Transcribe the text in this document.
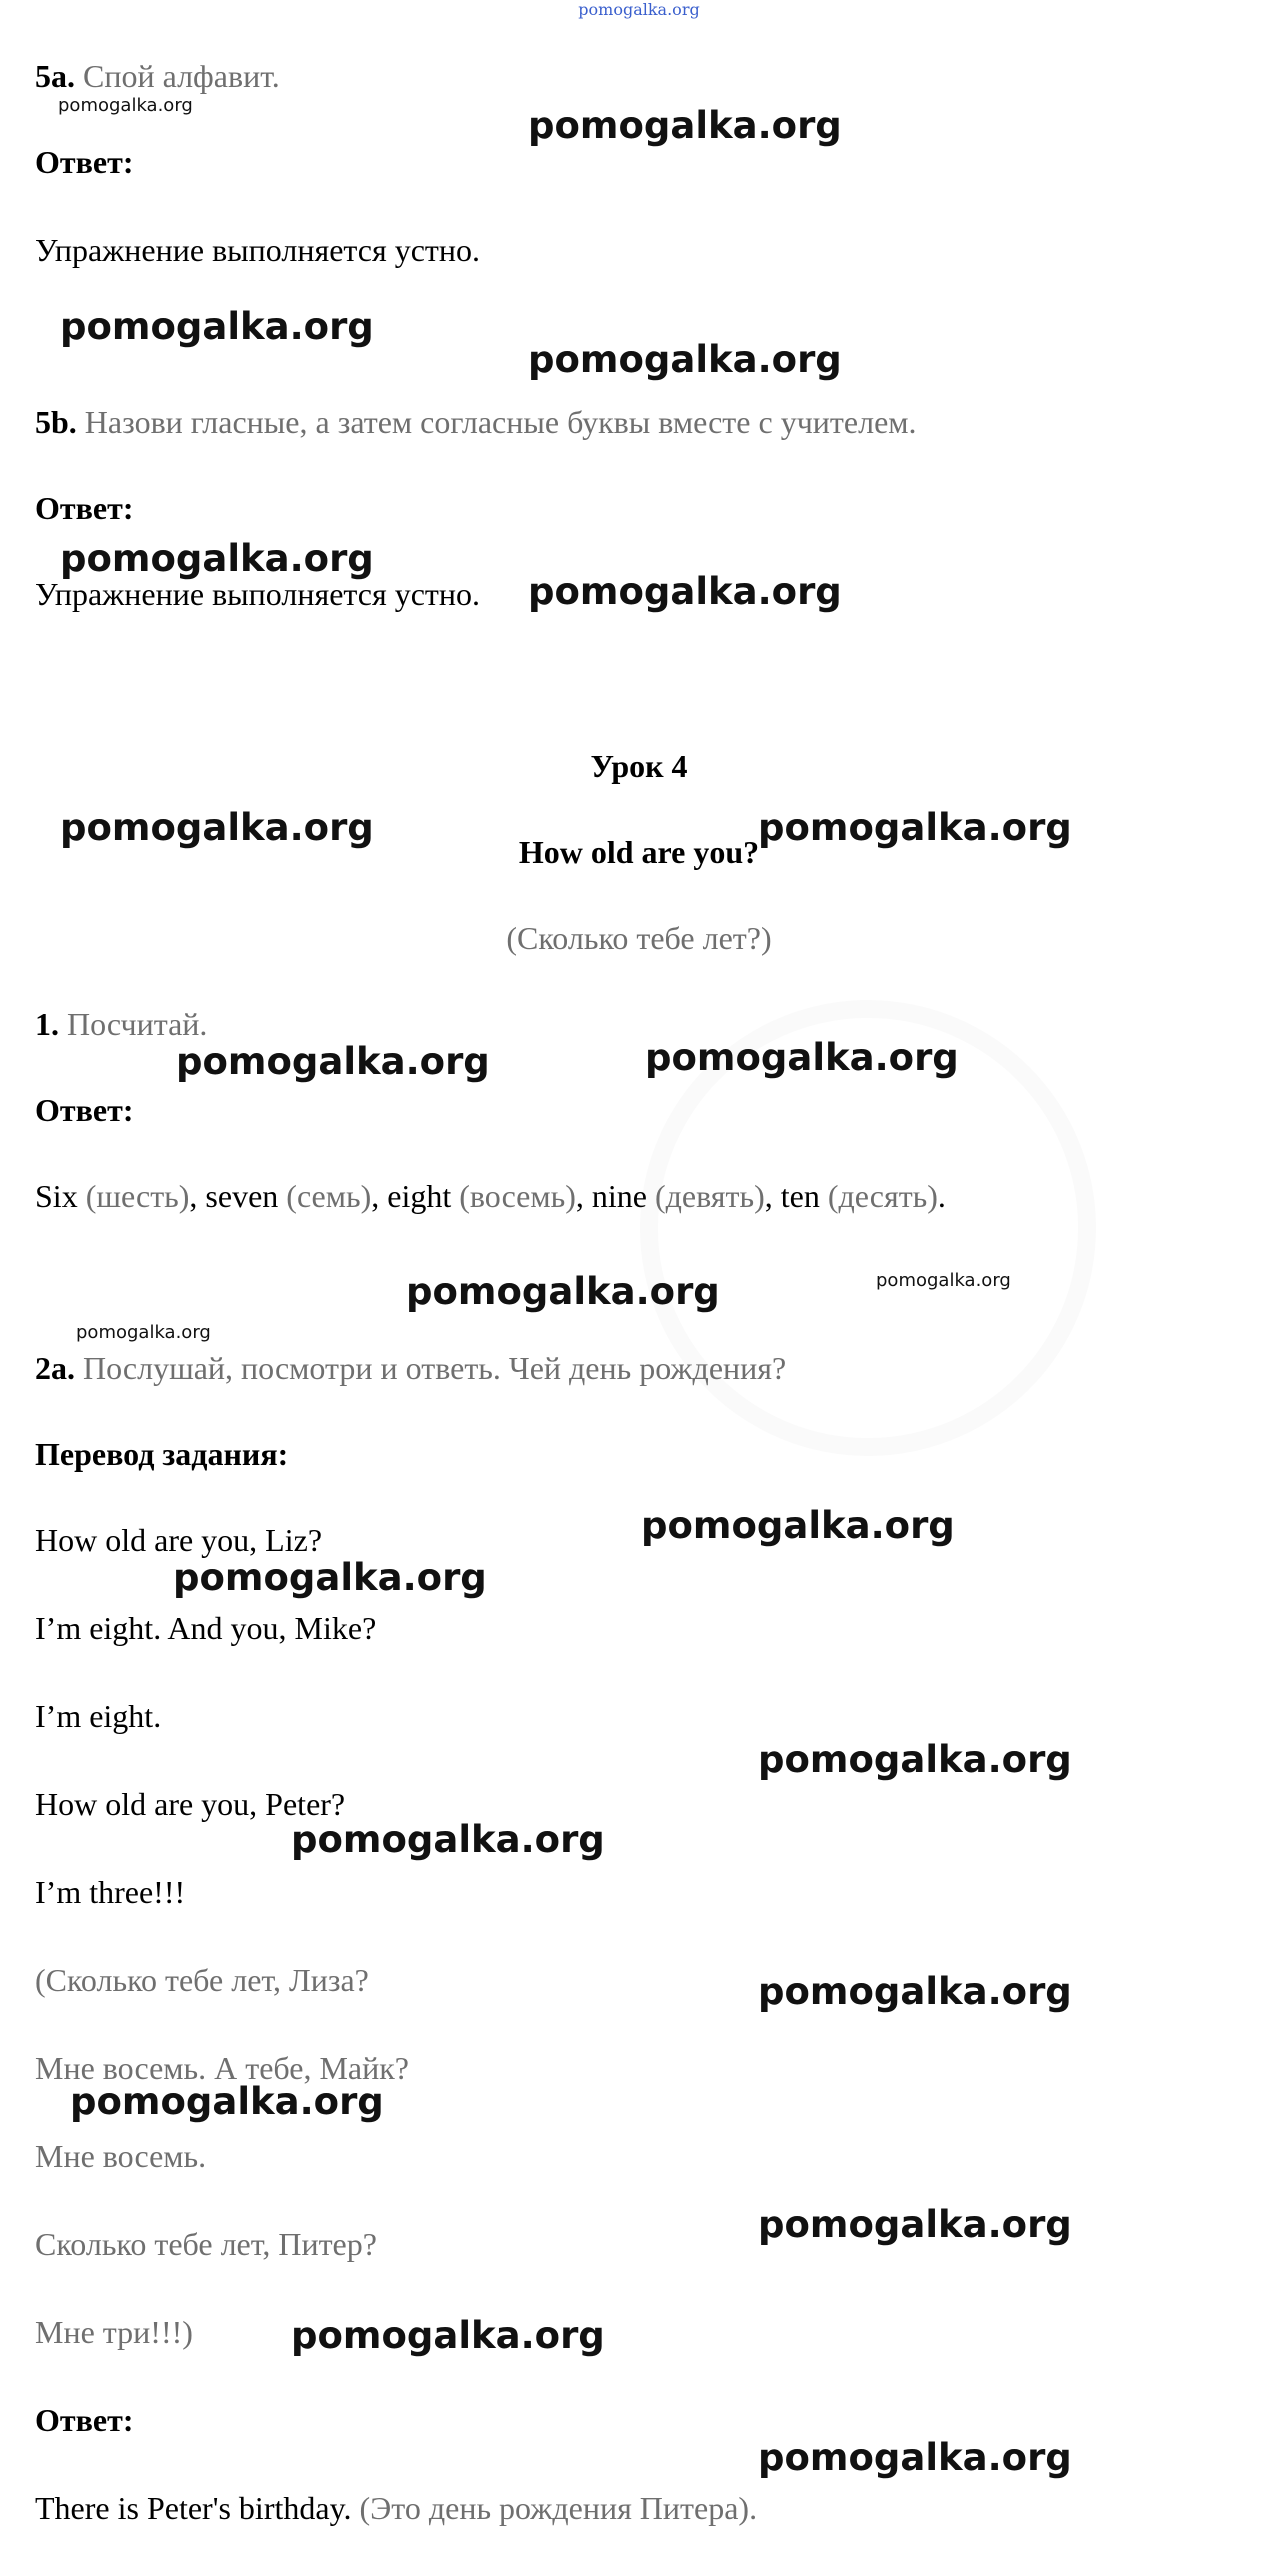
pomogalka.org
5a. Спой алфавит.
Ответ:
Упражнение выполняется устно.
5b. Назови гласные, а затем согласные буквы вместе с учителем.
Ответ:
Упражнение выполняется устно.
Урок 4
How old are you?
(Сколько тебе лет?)
1. Посчитай.
Ответ:
Six (шесть), seven (семь), eight (восемь), nine (девять), ten (десять).
2a. Послушай, посмотри и ответь. Чей день рождения?
Перевод задания:
How old are you, Liz?
I’m eight. And you, Mike?
I’m eight.
How old are you, Peter?
I’m three!!!
(Сколько тебе лет, Лиза?
Мне восемь. А тебе, Майк?
Мне восемь.
Сколько тебе лет, Питер?
Мне три!!!)
Ответ:
There is Peter's birthday. (Это день рождения Питера).
pomogalka.org	pomogalka.org
pomogalka.org
pomogalka.org
pomogalka.org
pomogalka.org
pomogalka.org	pomogalka.org
pomogalka.org	pomogalka.org
pomogalka.org	pomogalka.org
pomogalka.org
pomogalka.org
pomogalka.org
pomogalka.org
pomogalka.org
pomogalka.org
pomogalka.org
pomogalka.org
pomogalka.org
pomogalka.org
